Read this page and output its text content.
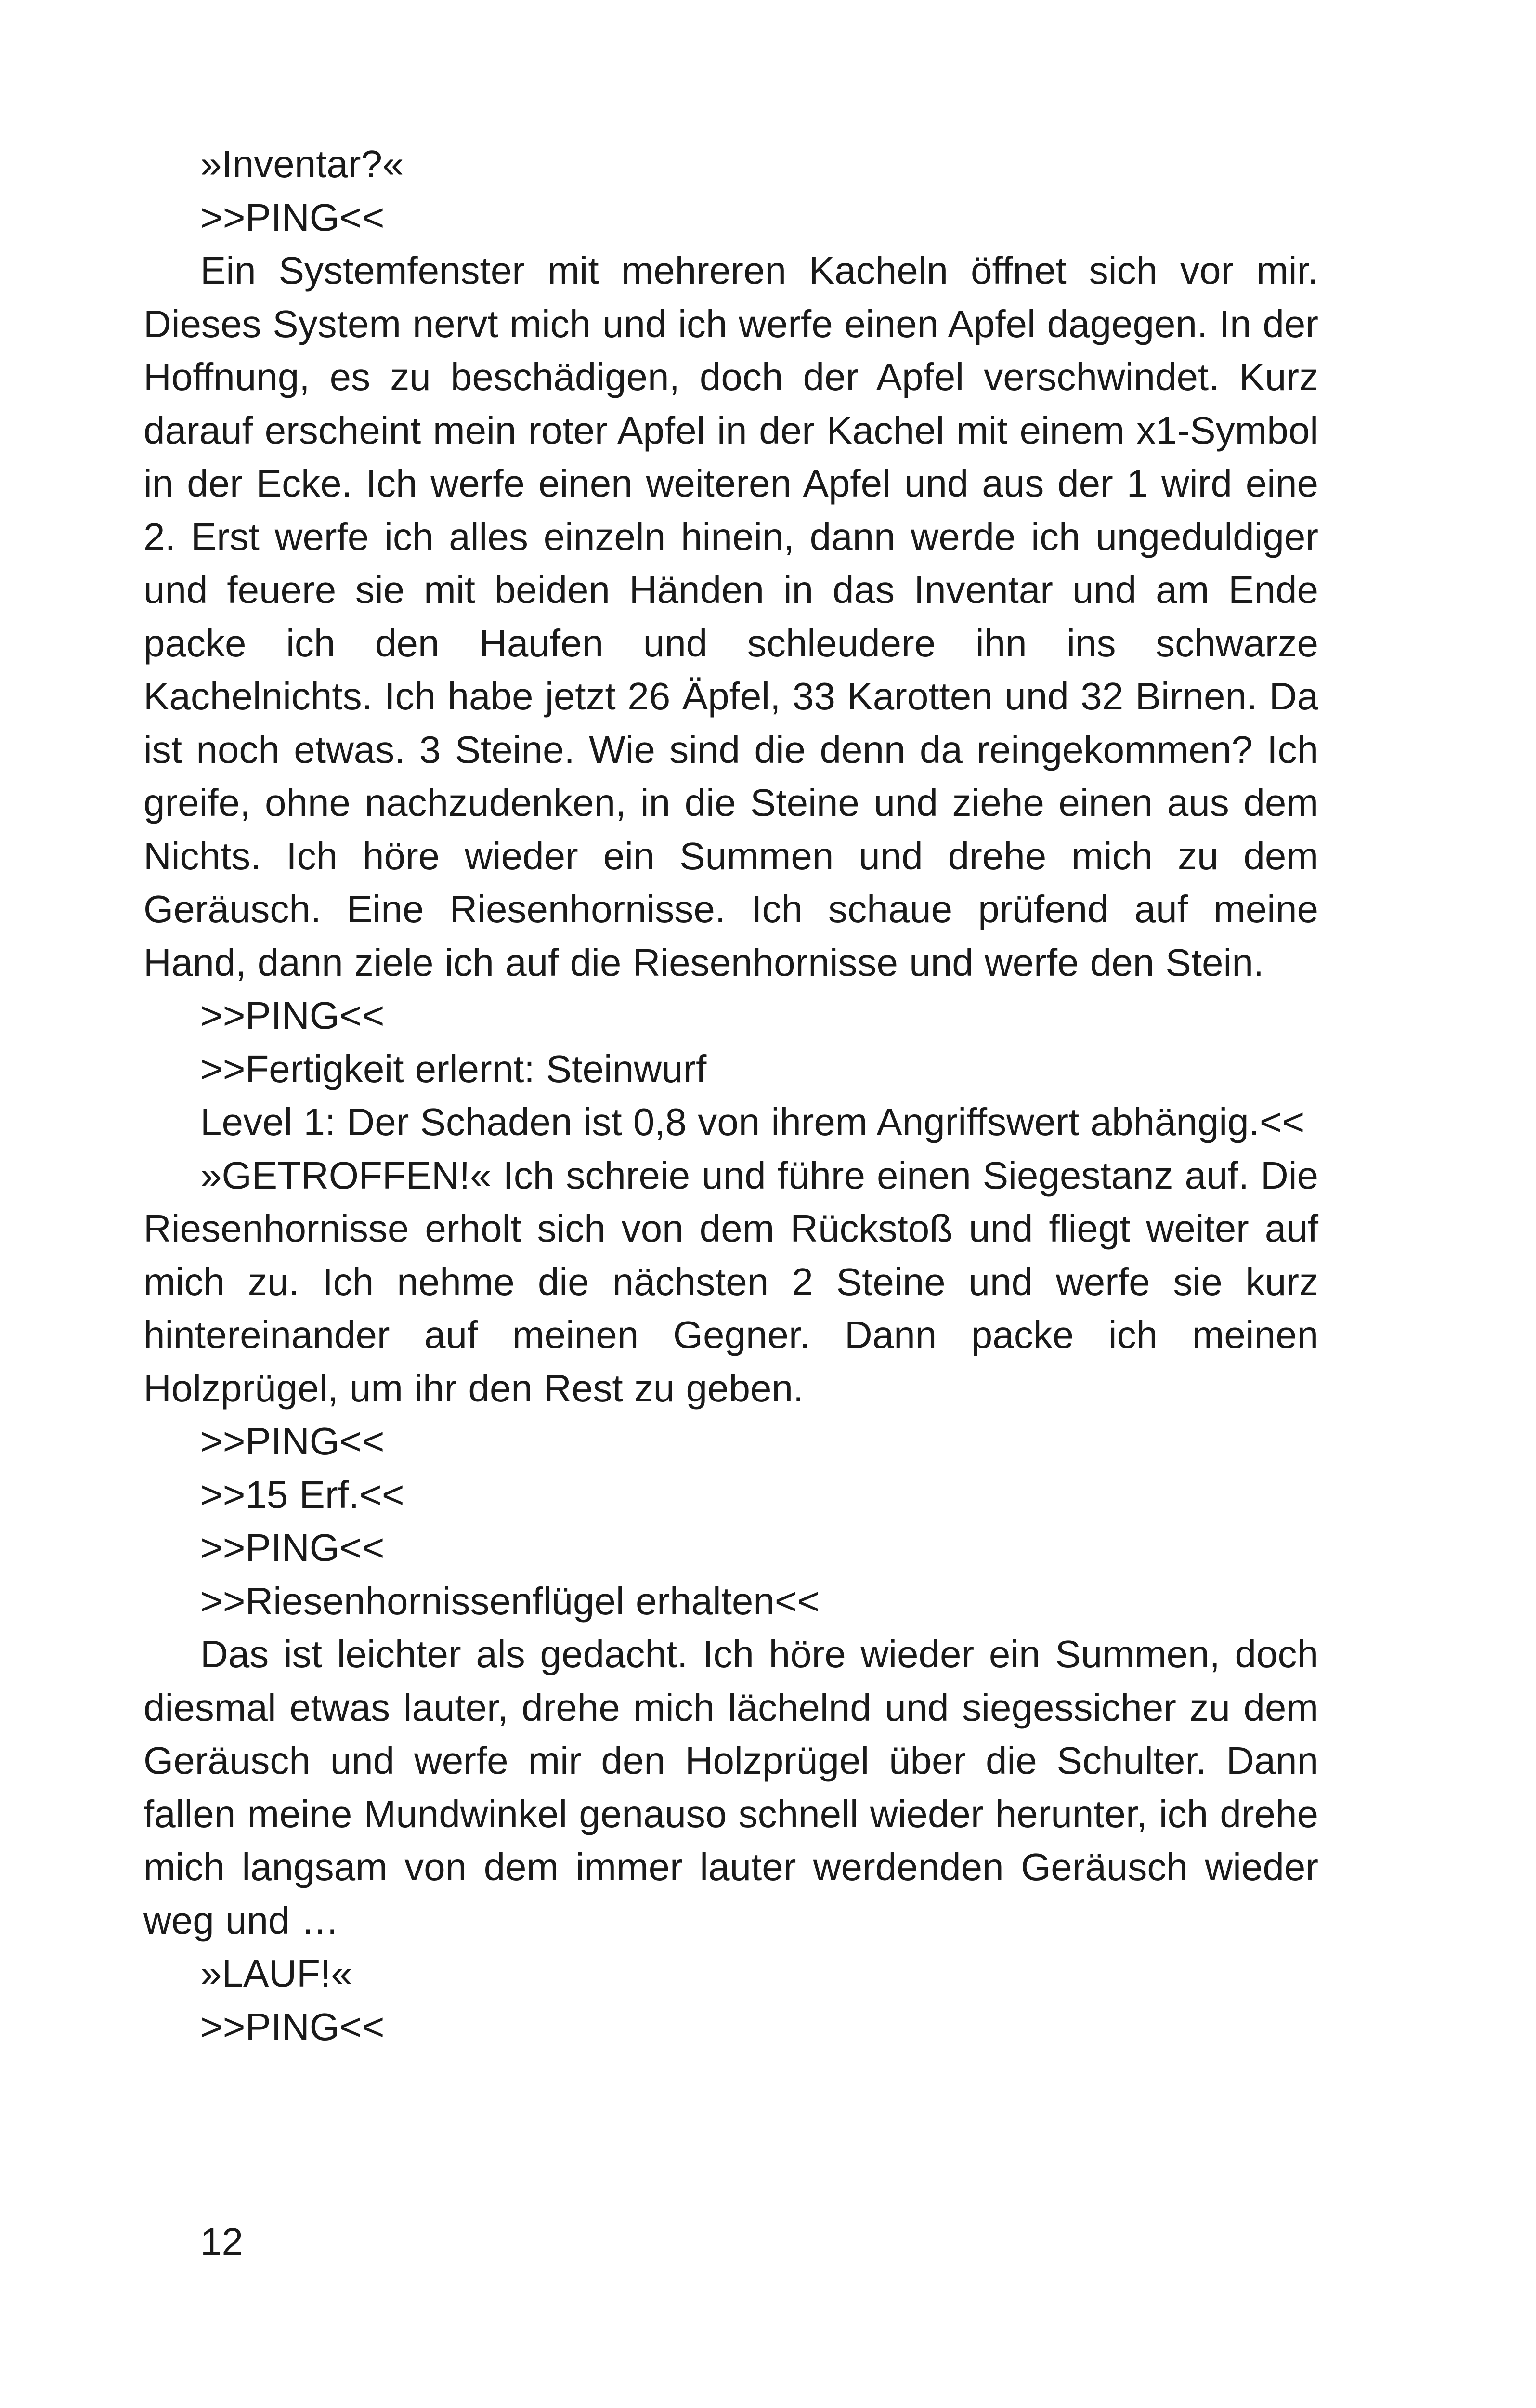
»Inventar?«

>>PING<<

Ein Systemfenster mit mehreren Kacheln öffnet sich vor mir. Dieses System nervt mich und ich werfe einen Apfel dagegen. In der Hoffnung, es zu beschädigen, doch der Apfel verschwindet. Kurz darauf erscheint mein roter Apfel in der Kachel mit einem x1-Symbol in der Ecke. Ich werfe einen weiteren Apfel und aus der 1 wird eine 2. Erst werfe ich alles einzeln hinein, dann werde ich ungeduldiger und feuere sie mit beiden Händen in das Inventar und am Ende packe ich den Haufen und schleudere ihn ins schwarze Kachelnichts. Ich habe jetzt 26 Äpfel, 33 Karotten und 32 Birnen. Da ist noch etwas. 3 Steine. Wie sind die denn da reingekommen? Ich greife, ohne nachzudenken, in die Steine und ziehe einen aus dem Nichts. Ich höre wieder ein Summen und drehe mich zu dem Geräusch. Eine Riesenhornisse. Ich schaue prüfend auf meine Hand, dann ziele ich auf die Riesenhornisse und werfe den Stein.

>>PING<<

>>Fertigkeit erlernt: Steinwurf

Level 1: Der Schaden ist 0,8 von ihrem Angriffswert abhängig.<<

»GETROFFEN!« Ich schreie und führe einen Siegestanz auf. Die Riesenhornisse erholt sich von dem Rückstoß und fliegt weiter auf mich zu. Ich nehme die nächsten 2 Steine und werfe sie kurz hintereinander auf meinen Gegner. Dann packe ich meinen Holzprügel, um ihr den Rest zu geben.

>>PING<<

>>15 Erf.<<

>>PING<<

>>Riesenhornissenflügel erhalten<<

Das ist leichter als gedacht. Ich höre wieder ein Summen, doch diesmal etwas lauter, drehe mich lächelnd und siegessicher zu dem Geräusch und werfe mir den Holzprügel über die Schulter. Dann fallen meine Mundwinkel genauso schnell wieder herunter, ich drehe mich langsam von dem immer lauter werdenden Geräusch wieder weg und …

»LAUF!«

>>PING<<

12
